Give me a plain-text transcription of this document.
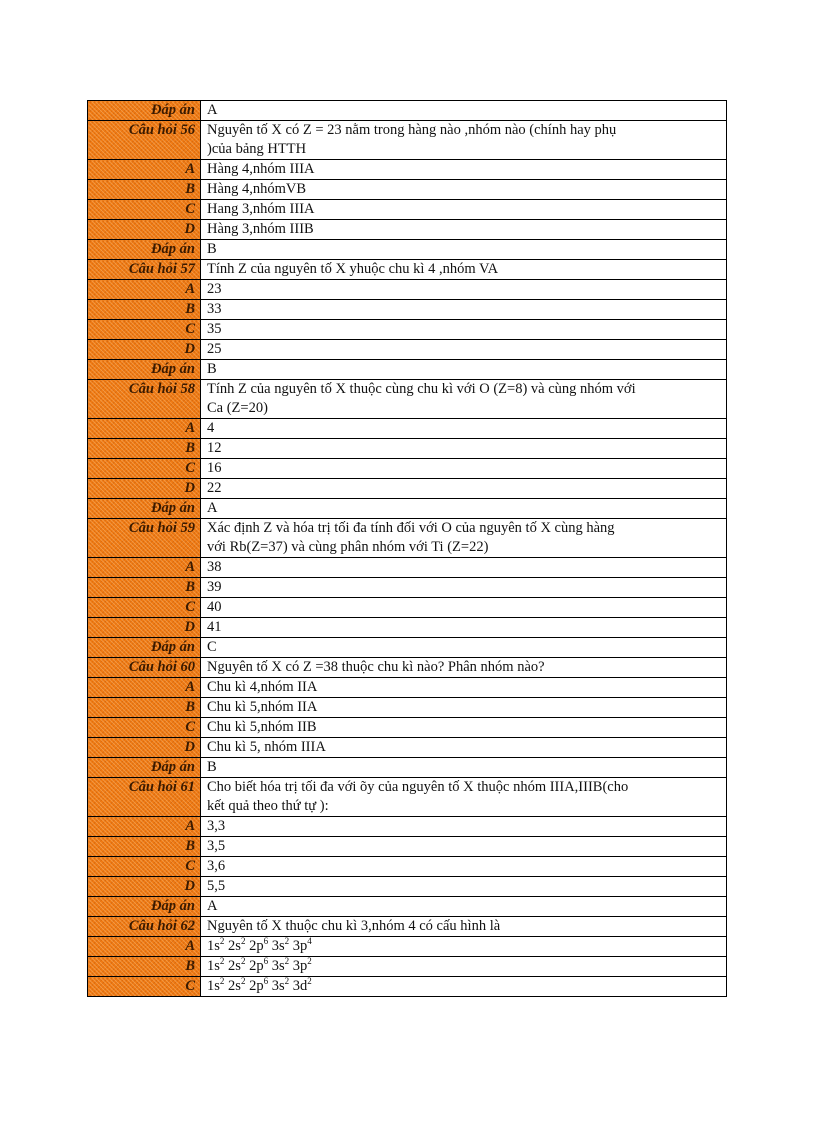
Đáp án	A
Câu hỏi 56	Nguyên tố X có Z = 23 nằm trong hàng nào ,nhóm nào (chính hay phụ )của bảng HTTH
A	Hàng 4,nhóm IIIA
B	Hàng 4,nhómVB
C	Hang 3,nhóm IIIA
D	Hàng 3,nhóm IIIB
Đáp án	B
Câu hỏi 57	Tính Z của nguyên tố X yhuộc chu kì 4 ,nhóm VA
A	23
B	33
C	35
D	25
Đáp án	B
Câu hỏi 58	Tính Z của nguyên tố X thuộc cùng chu kì với O (Z=8) và cùng nhóm với Ca (Z=20)
A	4
B	12
C	16
D	22
Đáp án	A
Câu hỏi 59	Xác định Z và hóa trị tối đa tính đối với O của nguyên tố X cùng hàng với Rb(Z=37) và cùng phân nhóm với Ti (Z=22)
A	38
B	39
C	40
D	41
Đáp án	C
Câu hỏi 60	Nguyên tố X có Z =38 thuộc chu kì nào? Phân nhóm nào?
A	Chu kì 4,nhóm IIA
B	Chu kì 5,nhóm IIA
C	Chu kì 5,nhóm IIB
D	Chu kì 5, nhóm IIIA
Đáp án	B
Câu hỏi 61	Cho biết hóa trị tối đa với õy của nguyên tố X thuộc nhóm IIIA,IIIB(cho kết quả theo thứ tự ):
A	3,3
B	3,5
C	3,6
D	5,5
Đáp án	A
Câu hỏi 62	Nguyên tố X thuộc chu kì 3,nhóm 4 có cấu hình là
A	$1s^2$ $2s^2$ $2p^6$ $3s^2$ $3p^4$
B	$1s^2$ $2s^2$ $2p^6$ $3s^2$ $3p^2$
C	$1s^2$ $2s^2$ $2p^6$ $3s^2$ $3d^2$
